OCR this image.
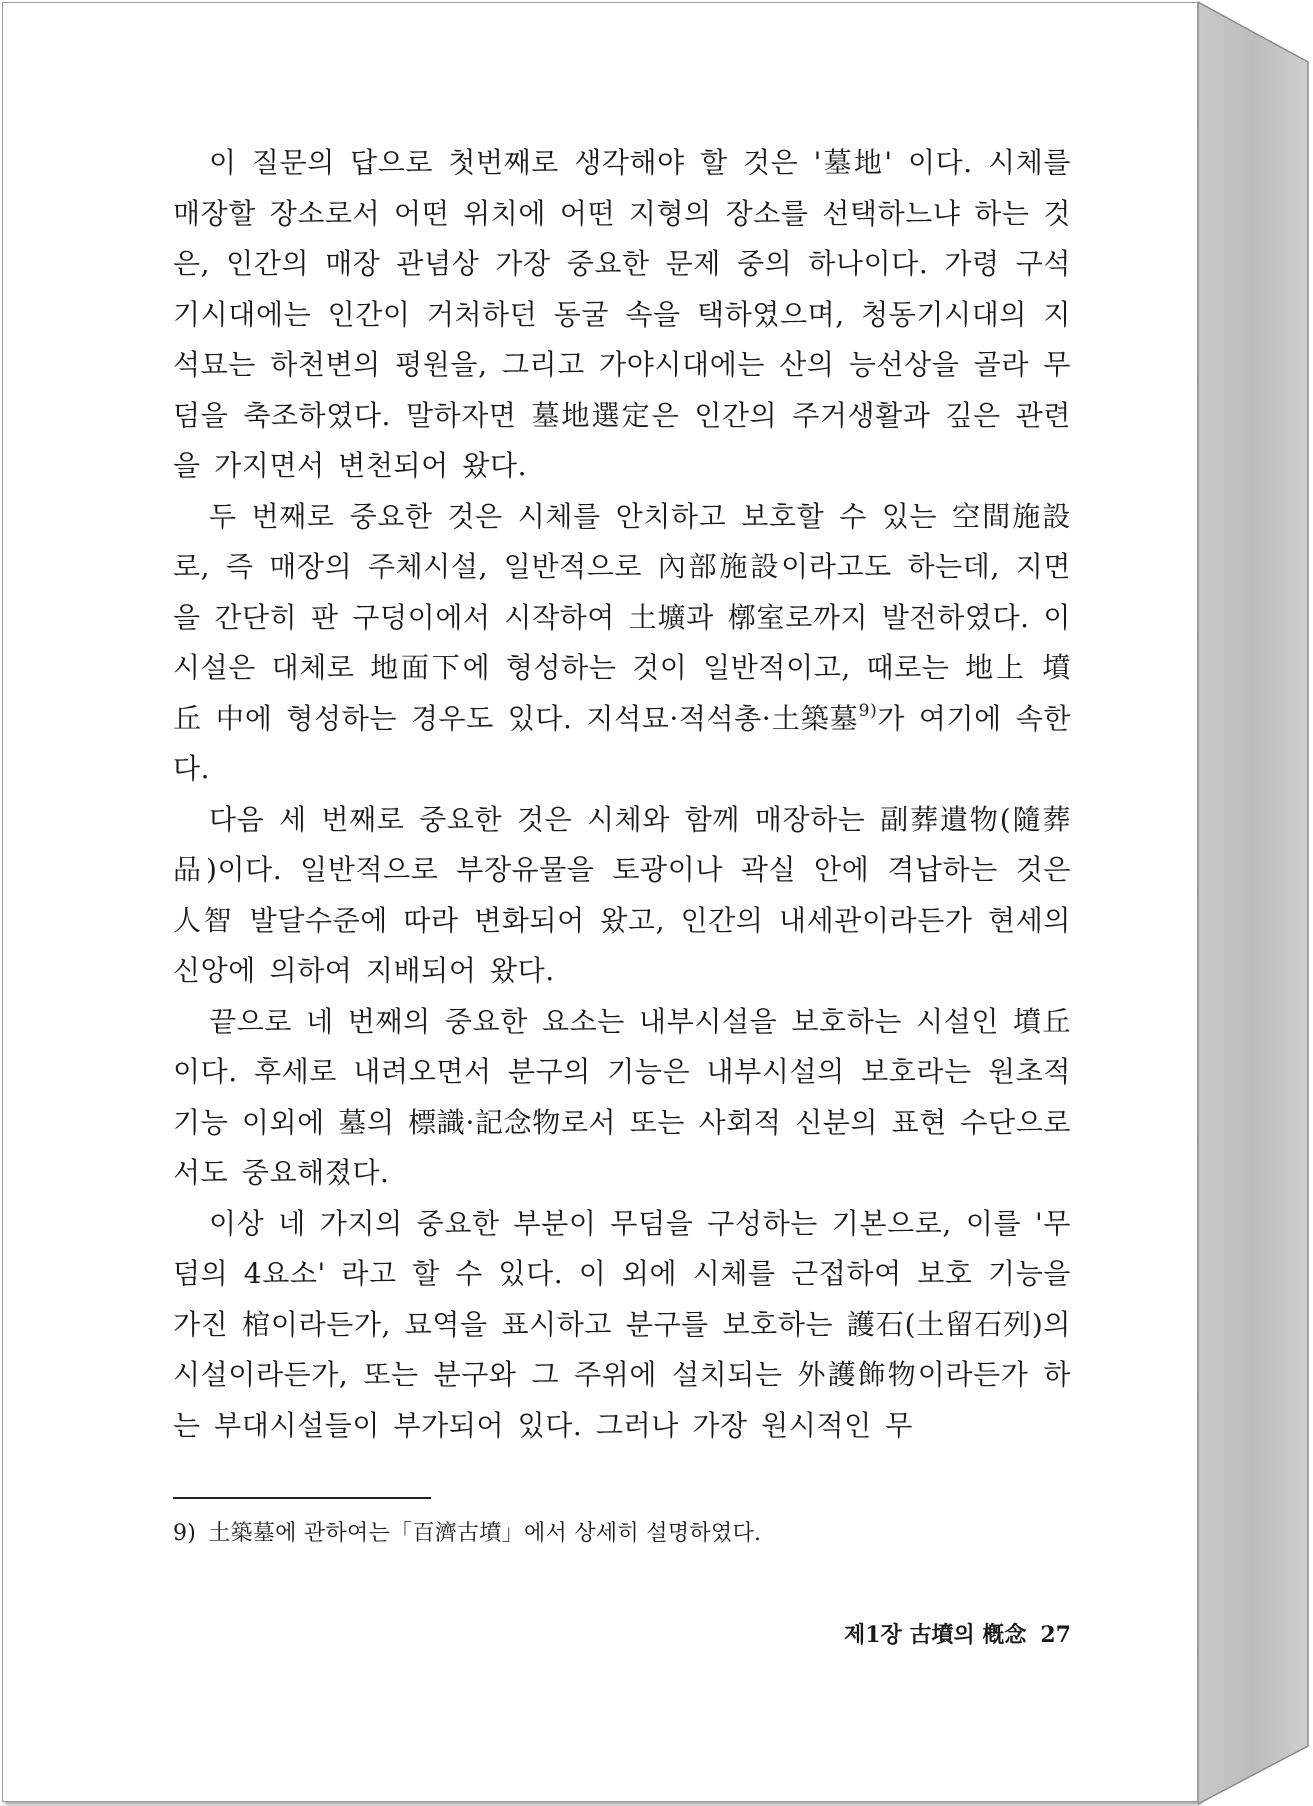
이 질문의 답으로 첫번째로 생각해야 할 것은 '墓地' 이다. 시체를 매장할 장소로서 어떤 위치에 어떤 지형의 장소를 선택하느냐 하는 것은, 인간의 매장 관념상 가장 중요한 문제 중의 하나이다. 가령 구석기시대에는 인간이 거처하던 동굴 속을 택하였으며, 청동기시대의 지석묘는 하천변의 평원을, 그리고 가야시대에는 산의 능선상을 골라 무덤을 축조하였다. 말하자면 墓地選定은 인간의 주거생활과 깊은 관련을 가지면서 변천되어 왔다.

두 번째로 중요한 것은 시체를 안치하고 보호할 수 있는 空間施設로, 즉 매장의 주체시설, 일반적으로 內部施設이라고도 하는데, 지면을 간단히 판 구덩이에서 시작하여 土壙과 槨室로까지 발전하였다. 이 시설은 대체로 地面下에 형성하는 것이 일반적이고, 때로는 地上 墳丘 中에 형성하는 경우도 있다. 지석묘·적석총·土築墓$^{9)}$가 여기에 속한다.

다음 세 번째로 중요한 것은 시체와 함께 매장하는 副葬遺物(隨葬品)이다. 일반적으로 부장유물을 토광이나 곽실 안에 격납하는 것은 人智 발달수준에 따라 변화되어 왔고, 인간의 내세관이라든가 현세의 신앙에 의하여 지배되어 왔다.

끝으로 네 번째의 중요한 요소는 내부시설을 보호하는 시설인 墳丘이다. 후세로 내려오면서 분구의 기능은 내부시설의 보호라는 원초적 기능 이외에 墓의 標識·記念物로서 또는 사회적 신분의 표현 수단으로서도 중요해졌다.

이상 네 가지의 중요한 부분이 무덤을 구성하는 기본으로, 이를 '무덤의 4요소' 라고 할 수 있다. 이 외에 시체를 근접하여 보호 기능을 가진 棺이라든가, 묘역을 표시하고 분구를 보호하는 護石(土留石列)의 시설이라든가, 또는 분구와 그 주위에 설치되는 外護飾物이라든가 하는 부대시설들이 부가되어 있다. 그러나 가장 원시적인 무

9) 土築墓에 관하여는「百濟古墳」에서 상세히 설명하였다.
제1장 古墳의 槪念 27
